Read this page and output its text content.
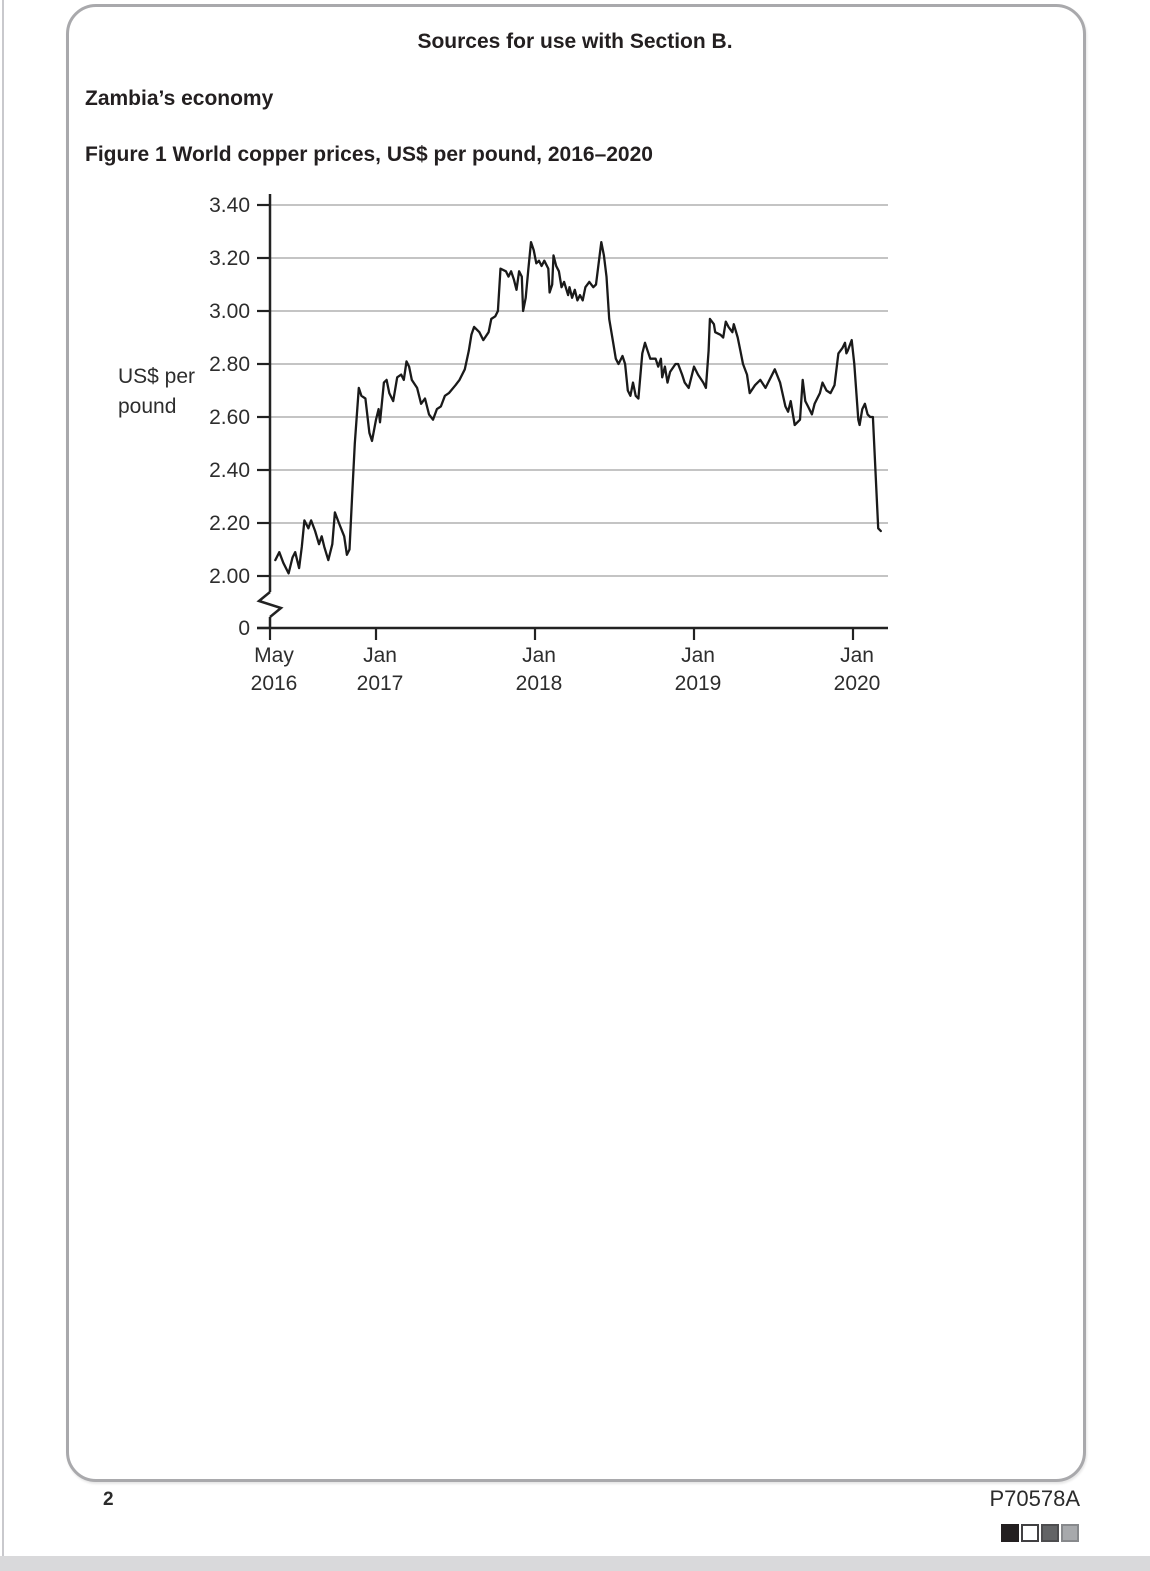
Sources for use with Section B.
Zambia’s economy
Figure 1 World copper prices, US$ per pound, 2016–2020
3.40
3.20
3.00
2.80
2.60
2.40
2.20
2.00
0
May
2016
Jan
2017
Jan
2018
Jan
2019
Jan
2020
US$ per
pound
2	P70578A
